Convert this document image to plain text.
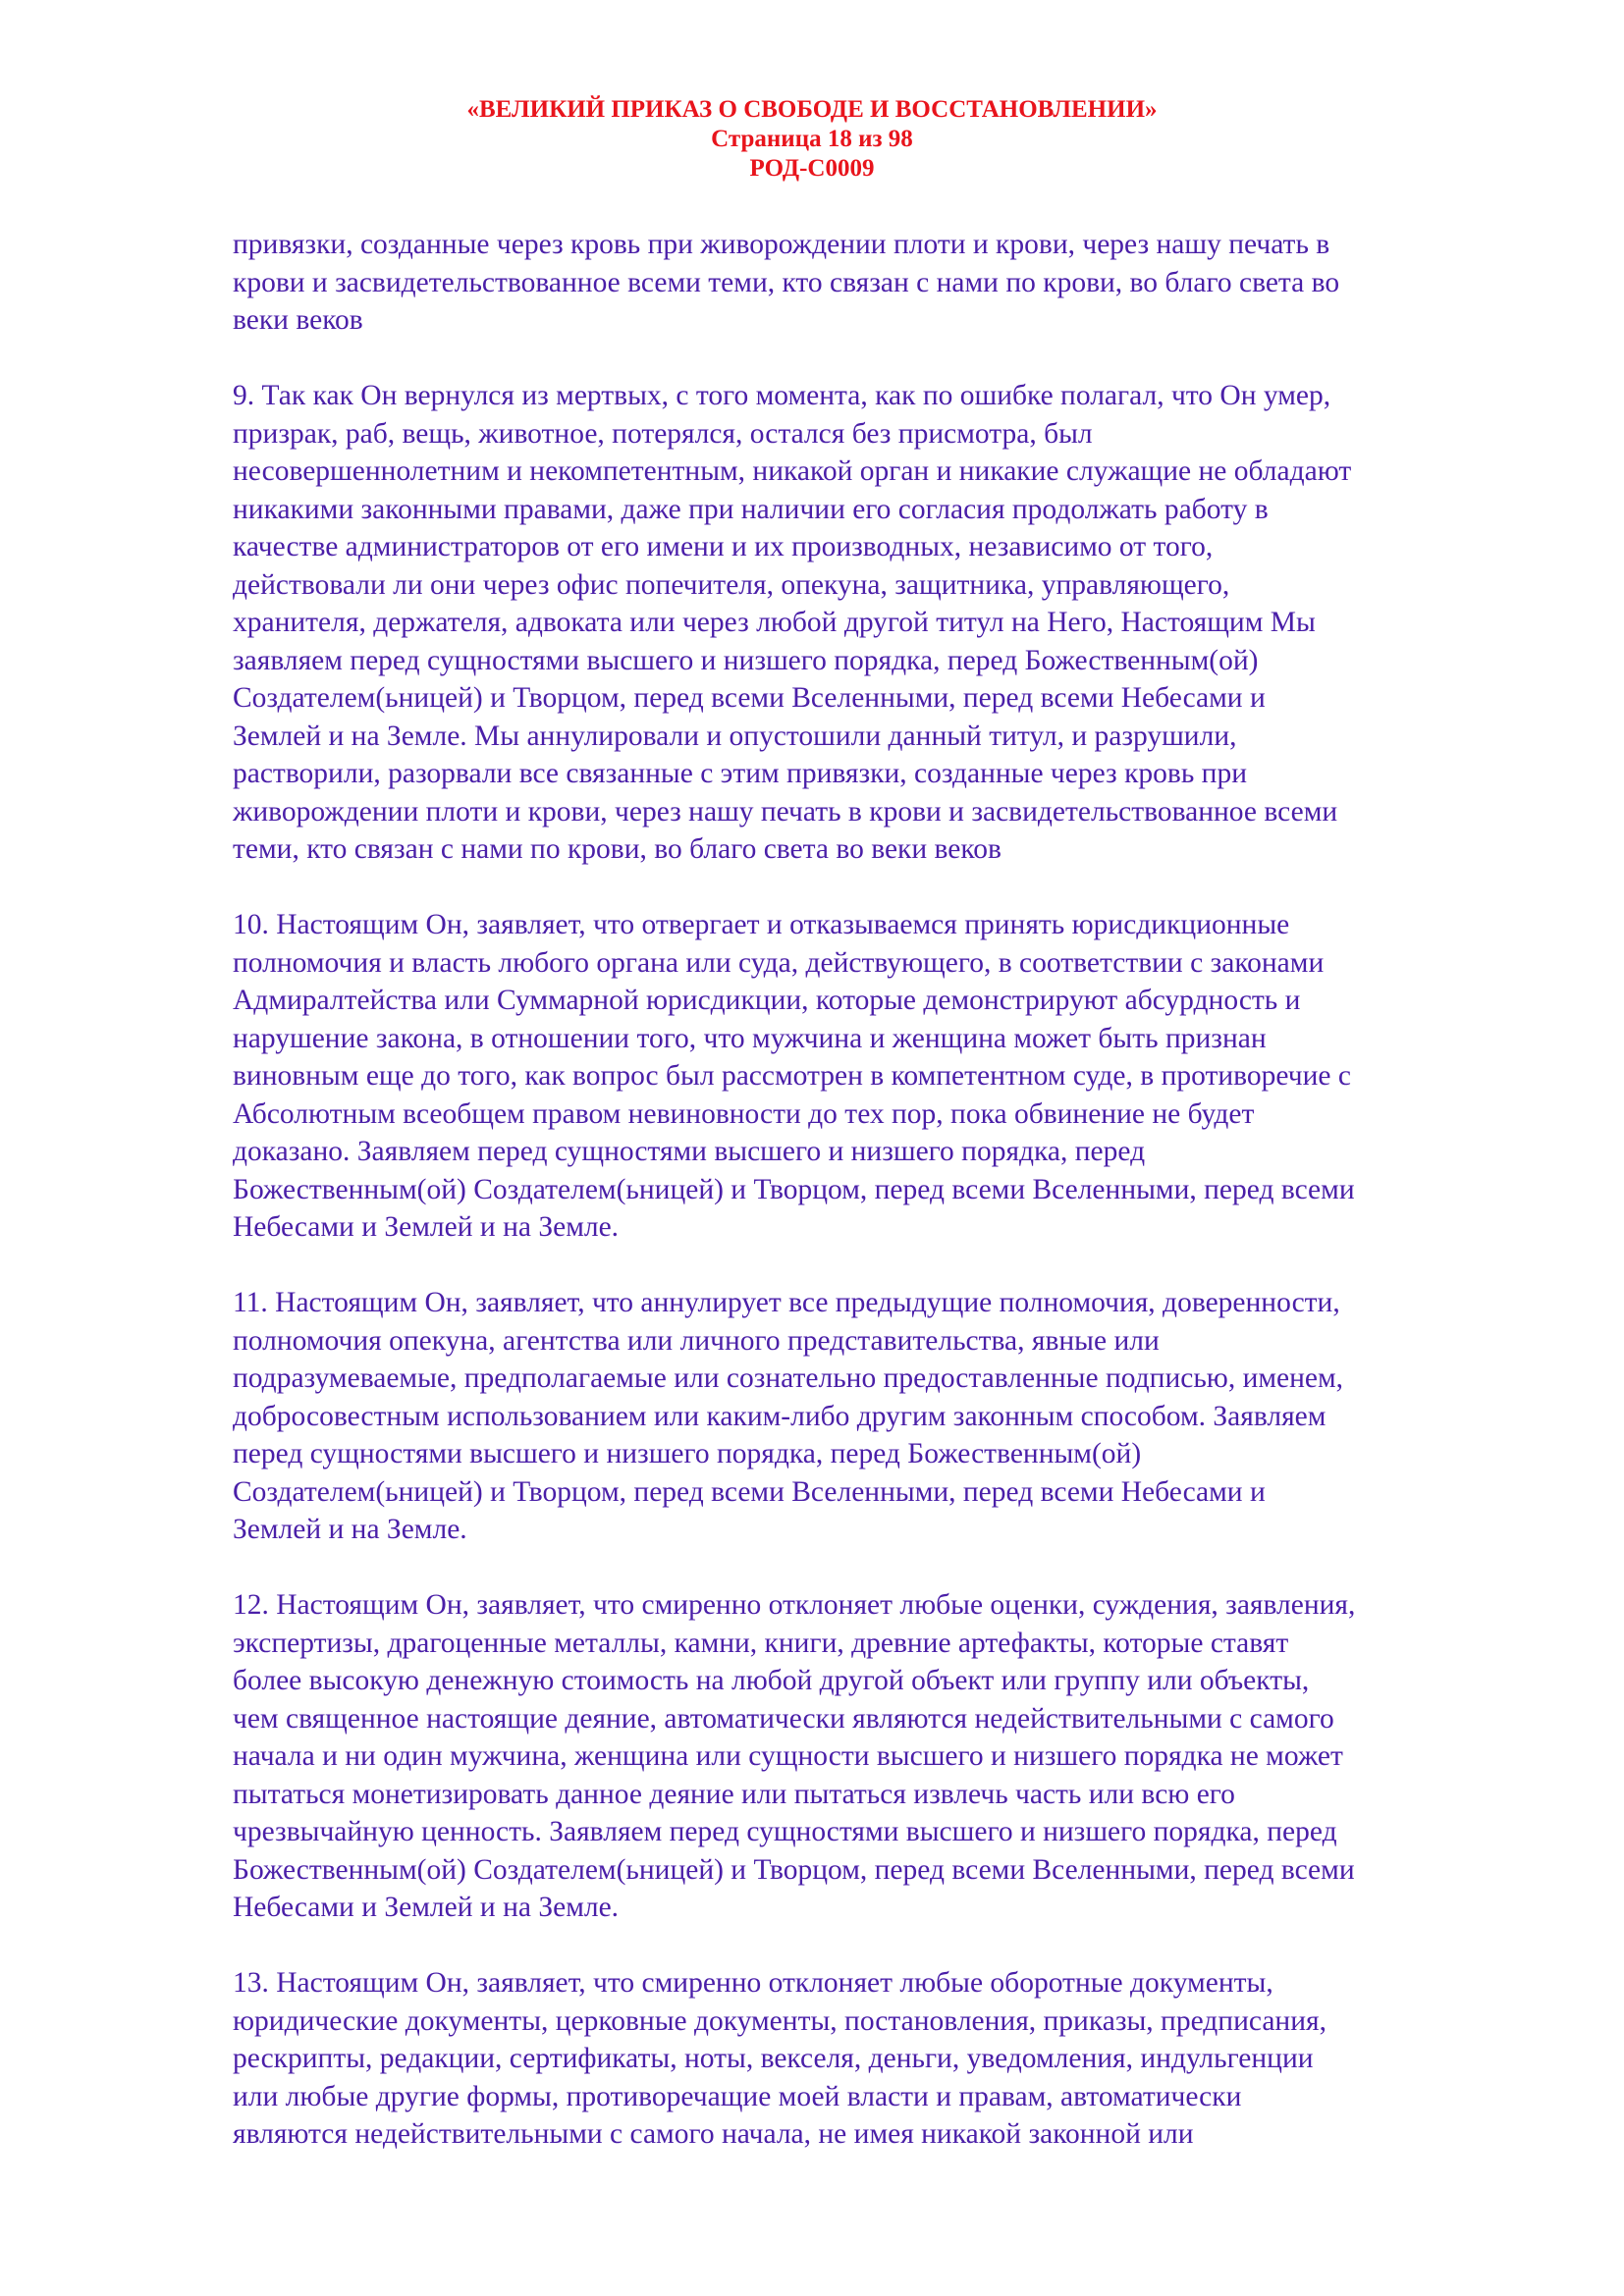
«ВЕЛИКИЙ ПРИКАЗ О СВОБОДЕ И ВОССТАНОВЛЕНИИ»
Страница 18 из 98
РОД-С0009
привязки, созданные через кровь при живорождении плоти и крови, через нашу печать в
крови и засвидетельствованное всеми теми, кто связан с нами по крови, во благо света во
веки веков
9. Так как Он вернулся из мертвых, с того момента, как по ошибке полагал, что Он умер,
призрак, раб, вещь, животное, потерялся, остался без присмотра, был
несовершеннолетним и некомпетентным, никакой орган и никакие служащие не обладают
никакими законными правами, даже при наличии его согласия продолжать работу в
качестве администраторов от его имени и их производных, независимо от того,
действовали ли они через офис попечителя, опекуна, защитника, управляющего,
хранителя, держателя, адвоката или через любой другой титул на Него, Настоящим Мы
заявляем перед сущностями высшего и низшего порядка, перед Божественным(ой)
Создателем(ьницей) и Творцом, перед всеми Вселенными, перед всеми Небесами и
Землей и на Земле. Мы аннулировали и опустошили данный титул, и разрушили,
растворили, разорвали все связанные с этим привязки, созданные через кровь при
живорождении плоти и крови, через нашу печать в крови и засвидетельствованное всеми
теми, кто связан с нами по крови, во благо света во веки веков
10. Настоящим Он, заявляет, что отвергает и отказываемся принять юрисдикционные
полномочия и власть любого органа или суда, действующего, в соответствии с законами
Адмиралтейства или Суммарной юрисдикции, которые демонстрируют абсурдность и
нарушение закона, в отношении того, что мужчина и женщина может быть признан
виновным еще до того, как вопрос был рассмотрен в компетентном суде, в противоречие с
Абсолютным всеобщем правом невиновности до тех пор, пока обвинение не будет
доказано. Заявляем перед сущностями высшего и низшего порядка, перед
Божественным(ой) Создателем(ьницей) и Творцом, перед всеми Вселенными, перед всеми
Небесами и Землей и на Земле.
11. Настоящим Он, заявляет, что аннулирует все предыдущие полномочия, доверенности,
полномочия опекуна, агентства или личного представительства, явные или
подразумеваемые, предполагаемые или сознательно предоставленные подписью, именем,
добросовестным использованием или каким-либо другим законным способом. Заявляем
перед сущностями высшего и низшего порядка, перед Божественным(ой)
Создателем(ьницей) и Творцом, перед всеми Вселенными, перед всеми Небесами и
Землей и на Земле.
12. Настоящим Он, заявляет, что смиренно отклоняет любые оценки, суждения, заявления,
экспертизы, драгоценные металлы, камни, книги, древние артефакты, которые ставят
более высокую денежную стоимость на любой другой объект или группу или объекты,
чем священное настоящие деяние, автоматически являются недействительными с самого
начала и ни один мужчина, женщина или сущности высшего и низшего порядка не может
пытаться монетизировать данное деяние или пытаться извлечь часть или всю его
чрезвычайную ценность. Заявляем перед сущностями высшего и низшего порядка, перед
Божественным(ой) Создателем(ьницей) и Творцом, перед всеми Вселенными, перед всеми
Небесами и Землей и на Земле.
13. Настоящим Он, заявляет, что смиренно отклоняет любые оборотные документы,
юридические документы, церковные документы, постановления, приказы, предписания,
рескрипты, редакции, сертификаты, ноты, векселя, деньги, уведомления, индульгенции
или любые другие формы, противоречащие моей власти и правам, автоматически
являются недействительными с самого начала, не имея никакой законной или
